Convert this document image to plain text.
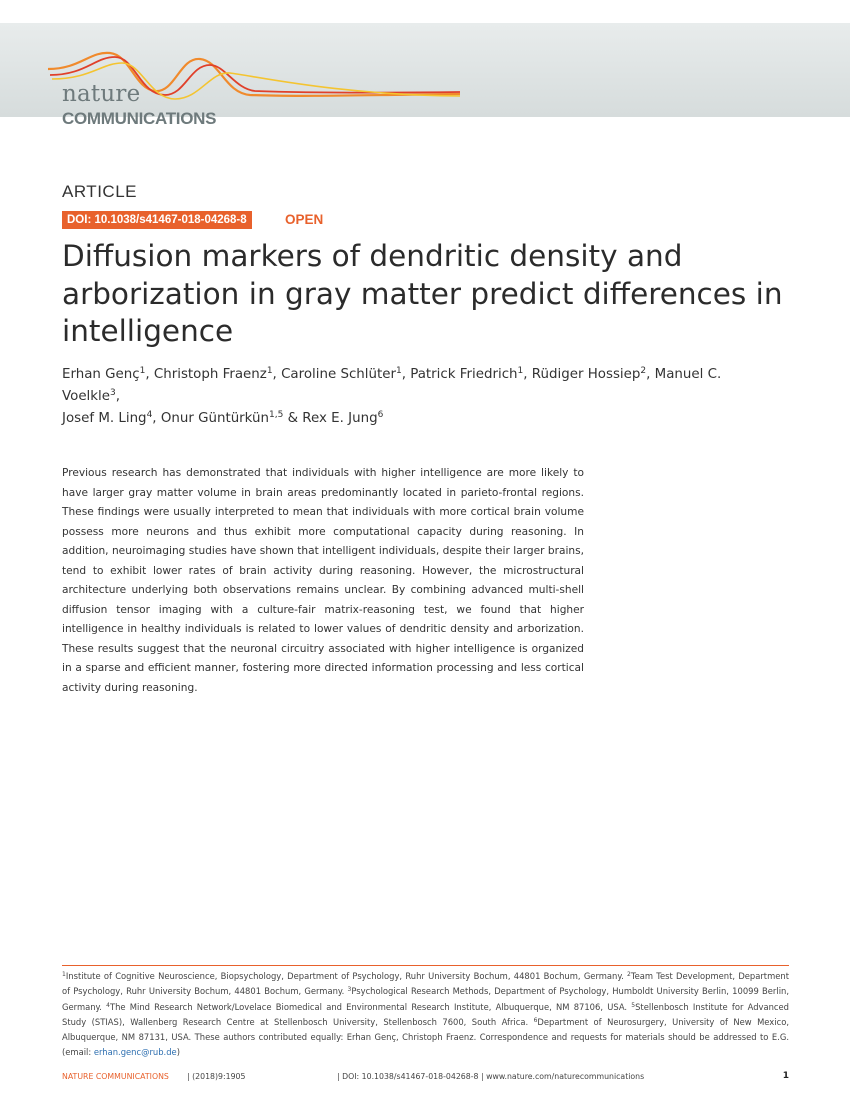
nature
COMMUNICATIONS
ARTICLE
DOI: 10.1038/s41467-018-04268-8	OPEN
Diffusion markers of dendritic density and arborization in gray matter predict differences in intelligence
Erhan Genç$^1$, Christoph Fraenz$^1$, Caroline Schlüter$^1$, Patrick Friedrich$^1$, Rüdiger Hossiep$^2$, Manuel C. Voelkle$^3$,
Josef M. Ling$^4$, Onur Güntürkün$^{1,5}$ & Rex E. Jung$^6$

Previous research has demonstrated that individuals with higher intelligence are more likely to have larger gray matter volume in brain areas predominantly located in parieto-frontal regions. These findings were usually interpreted to mean that individuals with more cortical brain volume possess more neurons and thus exhibit more computational capacity during reasoning. In addition, neuroimaging studies have shown that intelligent individuals, despite their larger brains, tend to exhibit lower rates of brain activity during reasoning. However, the microstructural architecture underlying both observations remains unclear. By combining advanced multi-shell diffusion tensor imaging with a culture-fair matrix-reasoning test, we found that higher intelligence in healthy individuals is related to lower values of dendritic density and arborization. These results suggest that the neuronal circuitry associated with higher intelligence is organized in a sparse and efficient manner, fostering more directed information processing and less cortical activity during reasoning.

$^1$Institute of Cognitive Neuroscience, Biopsychology, Department of Psychology, Ruhr University Bochum, 44801 Bochum, Germany. $^2$Team Test Development, Department of Psychology, Ruhr University Bochum, 44801 Bochum, Germany. $^3$Psychological Research Methods, Department of Psychology, Humboldt University Berlin, 10099 Berlin, Germany. $^4$The Mind Research Network/Lovelace Biomedical and Environmental Research Institute, Albuquerque, NM 87106, USA. $^5$Stellenbosch Institute for Advanced Study (STIAS), Wallenberg Research Centre at Stellenbosch University, Stellenbosch 7600, South Africa. $^6$Department of Neurosurgery, University of New Mexico, Albuquerque, NM 87131, USA. These authors contributed equally: Erhan Genç, Christoph Fraenz. Correspondence and requests for materials should be addressed to E.G. (email: erhan.genc@rub.de)
NATURE COMMUNICATIONS | (2018)9:1905	| DOI: 10.1038/s41467-018-04268-8 | www.nature.com/naturecommunications	1
